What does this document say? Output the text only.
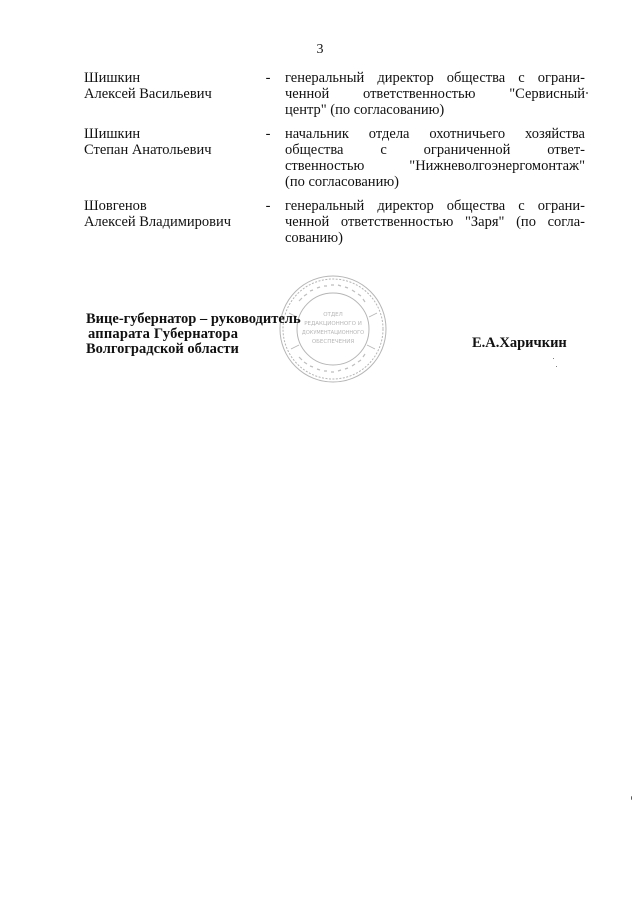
3
Шишкин
Алексей Васильевич
- генеральный директор общества с ограни-
ченной ответственностью "Сервисный
центр" (по согласованию)
Шишкин
Степан Анатольевич
- начальник отдела охотничьего хозяйства
общества с ограниченной ответ-
ственностью "Нижневолгоэнергомонтаж"
(по согласованию)
Шовгенов
Алексей Владимирович
- генеральный директор общества с ограни-
ченной ответственностью "Заря" (по согла-
сованию)
ОТДЕЛ
РЕДАКЦИОННОГО И
ДОКУМЕНТАЦИОННОГО
ОБЕСПЕЧЕНИЯ
Вице-губернатор – руководитель
аппарата Губернатора
Волгоградской области	Е.А.Харичкин
